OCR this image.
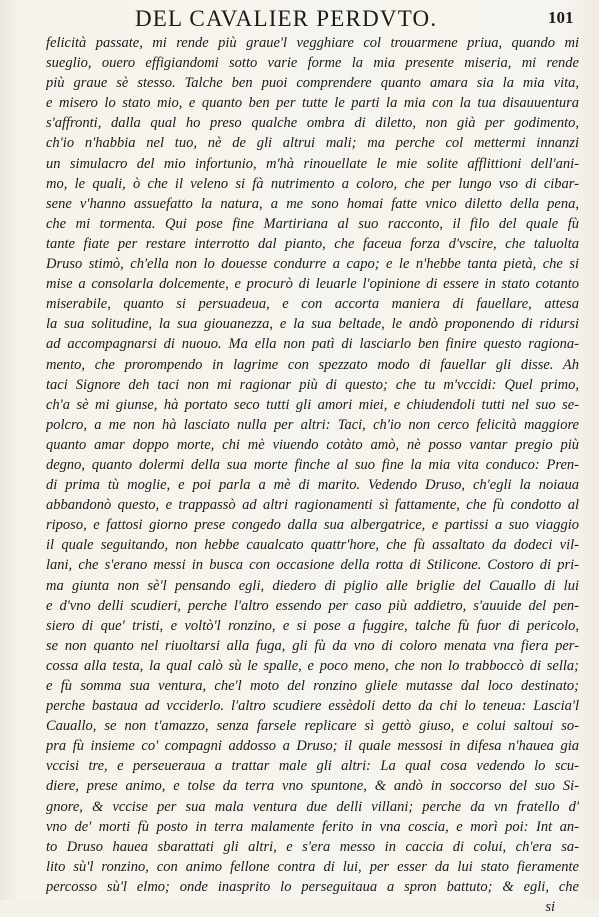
DEL CAVALIER PERDVTO.	101
felicità passate, mi rende più graue'l vegghiare col trouarmene priua, quando mi
sueglio, ouero effigiandomi sotto varie forme la mia presente miseria, mi rende
più graue sè stesso. Talche ben puoi comprendere quanto amara sia la mia vita,
e misero lo stato mio, e quanto ben per tutte le parti la mia con la tua disauuentura
s'affronti, dalla qual ho preso qualche ombra di diletto, non già per godimento,
ch'io n'habbia nel tuo, nè de gli altrui mali; ma perche col mettermi innanzi
un simulacro del mio infortunio, m'hà rinouellate le mie solite afflittioni dell'ani-
mo, le quali, ò che il veleno si fà nutrimento a coloro, che per lungo vso di cibar-
sene v'hanno assuefatto la natura, a me sono homai fatte vnico diletto della pena,
che mi tormenta. Qui pose fine Martiriana al suo racconto, il filo del quale fù
tante fiate per restare interrotto dal pianto, che faceua forza d'vscire, che taluolta
Druso stimò, ch'ella non lo douesse condurre a capo; e le n'hebbe tanta pietà, che si
mise a consolarla dolcemente, e procurò di leuarle l'opinione di essere in stato cotanto
miserabile, quanto si persuadeua, e con accorta maniera di fauellare, attesa
la sua solitudine, la sua giouanezza, e la sua beltade, le andò proponendo di ridursi
ad accompagnarsi di nuouo. Ma ella non patì di lasciarlo ben finire questo ragiona-
mento, che prorompendo in lagrime con spezzato modo di fauellar gli disse. Ah
taci Signore deh taci non mi ragionar più di questo; che tu m'vccidi: Quel primo,
ch'a sè mi giunse, hà portato seco tutti gli amori miei, e chiudendoli tutti nel suo se-
polcro, a me non hà lasciato nulla per altri: Taci, ch'io non cerco felicità maggiore
quanto amar doppo morte, chi mè viuendo cotàto amò, nè posso vantar pregio più
degno, quanto dolermi della sua morte finche al suo fine la mia vita conduco: Pren-
di prima tù moglie, e poi parla a mè di marito. Vedendo Druso, ch'egli la noiaua
abbandonò questo, e trappassò ad altri ragionamenti sì fattamente, che fù condotto al
riposo, e fattosi giorno prese congedo dalla sua albergatrice, e partissi a suo viaggio
il quale seguitando, non hebbe caualcato quattr'hore, che fù assaltato da dodeci vil-
lani, che s'erano messi in busca con occasione della rotta di Stilicone. Costoro di pri-
ma giunta non sè'l pensando egli, diedero di piglio alle briglie del Cauallo di lui
e d'vno delli scudieri, perche l'altro essendo per caso più addietro, s'auuide del pen-
siero di que' tristi, e voltò'l ronzino, e si pose a fuggire, talche fù fuor di pericolo,
se non quanto nel riuoltarsi alla fuga, gli fù da vno di coloro menata vna fiera per-
cossa alla testa, la qual calò sù le spalle, e poco meno, che non lo trabboccò di sella;
e fù somma sua ventura, che'l moto del ronzino gliele mutasse dal loco destinato;
perche bastaua ad vcciderlo. l'altro scudiere essèdoli detto da chi lo teneua: Lascia'l
Cauallo, se non t'amazzo, senza farsele replicare sì gettò giuso, e colui saltoui so-
pra fù insieme co' compagni addosso a Druso; il quale messosi in difesa n'hauea gia
vccisi tre, e perseueraua a trattar male gli altri: La qual cosa vedendo lo scu-
diere, prese animo, e tolse da terra vno spuntone, & andò in soccorso del suo Si-
gnore, & vccise per sua mala ventura due delli villani; perche da vn fratello d'
vno de' morti fù posto in terra malamente ferito in vna coscia, e morì poi: Int an-
to Druso hauea sbarattati gli altri, e s'era messo in caccia di colui, ch'era sa-
lito sù'l ronzino, con animo fellone contra di lui, per esser da lui stato fieramente
percosso sù'l elmo; onde inasprito lo perseguitaua a spron battuto; & egli, che
si
